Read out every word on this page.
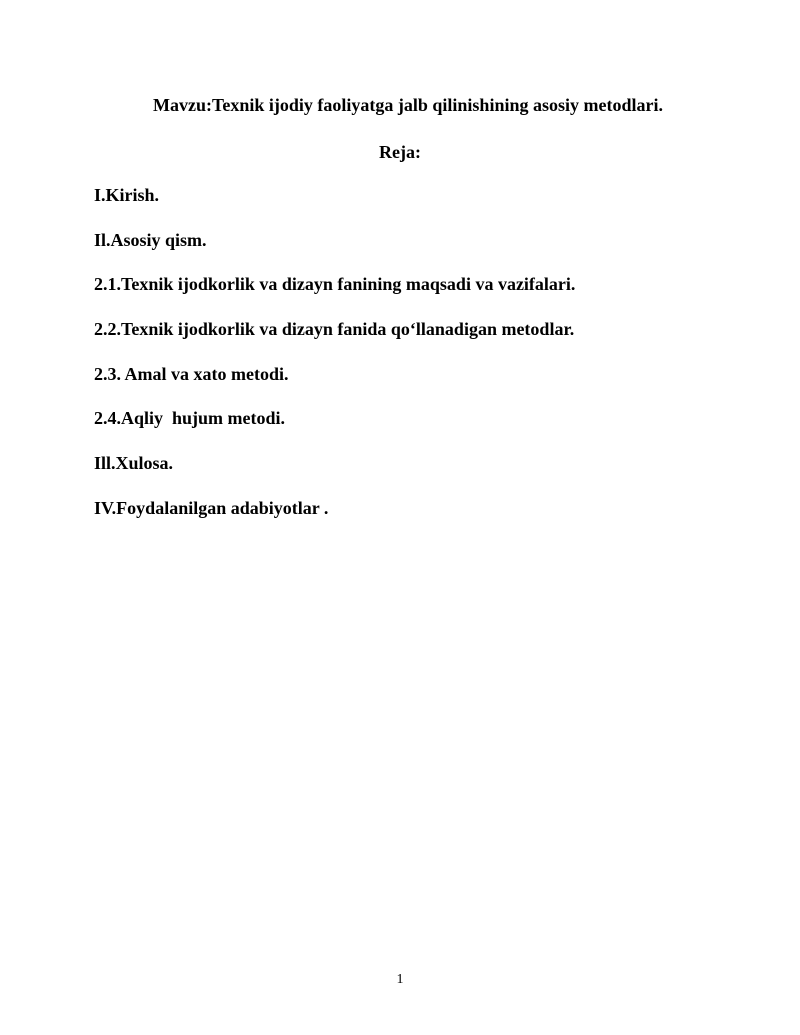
Mavzu:Texnik ijodiy faoliyatga jalb qilinishining asosiy metodlari.
Reja:
I.Kirish.
Il.Asosiy qism.
2.1.Texnik ijodkorlik va dizayn fanining maqsadi va vazifalari.
2.2.Texnik ijodkorlik va dizayn fanida qo‘llanadigan metodlar.
2.3. Amal va xato metodi.
2.4.Aqliy  hujum metodi.
Ill.Xulosa.
IV.Foydalanilgan adabiyotlar .
1
